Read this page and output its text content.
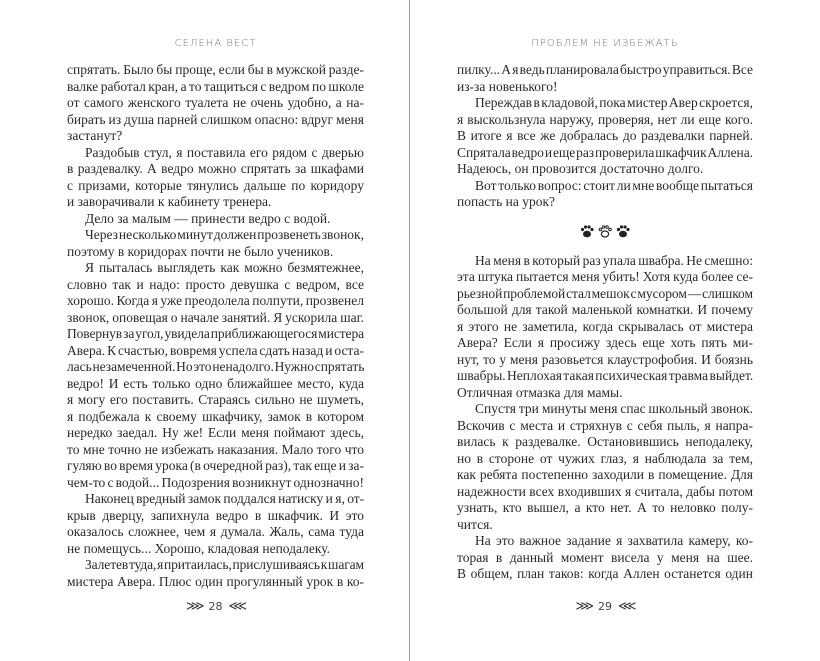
СЕЛЕНА ВЕСТ
спрятать. Было бы проще, если бы в мужской разде-
валке работал кран, а то тащиться с ведром по школе
от самого женского туалета не очень удобно, а на-
бирать из душа парней слишком опасно: вдруг меня
застанут?
Раздобыв стул, я поставила его рядом с дверью
в раздевалку. А ведро можно спрятать за шкафами
с призами, которые тянулись дальше по коридору
и заворачивали к кабинету тренера.
Дело за малым — принести ведро с водой.
Через несколько минут должен прозвенеть звонок,
поэтому в коридорах почти не было учеников.
Я пыталась выглядеть как можно безмятежнее,
словно так и надо: просто девушка с ведром, все
хорошо. Когда я уже преодолела полпути, прозвенел
звонок, оповещая о начале занятий. Я ускорила шаг.
Повернув за угол, увидела приближающегося мистера
Авера. К счастью, вовремя успела сдать назад и оста-
лась незамеченной. Но это ненадолго. Нужно спрятать
ведро! И есть только одно ближайшее место, куда
я могу его поставить. Стараясь сильно не шуметь,
я подбежала к своему шкафчику, замок в котором
нередко заедал. Ну же! Если меня поймают здесь,
то мне точно не избежать наказания. Мало того что
гуляю во время урока (в очередной раз), так еще и за-
чем-то с водой... Подозрения возникнут однозначно!
Наконец вредный замок поддался натиску и я, от-
крыв дверцу, запихнула ведро в шкафчик. И это
оказалось сложнее, чем я думала. Жаль, сама туда
не помещусь... Хорошо, кладовая неподалеку.
Залетев туда, я притаилась, прислушиваясь к шагам
мистера Авера. Плюс один прогулянный урок в ко-
⋙ 28 ⋘
ПРОБЛЕМ НЕ ИЗБЕЖАТЬ
пилку... А я ведь планировала быстро управиться. Все
из-за новенького!
Переждав в кладовой, пока мистер Авер скроется,
я выскользнула наружу, проверяя, нет ли еще кого.
В итоге я все же добралась до раздевалки парней.
Спрятала ведро и еще раз проверила шкафчик Аллена.
Надеюсь, он провозится достаточно долго.
Вот только вопрос: стоит ли мне вообще пытаться
попасть на урок?
На меня в который раз упала швабра. Не смешно:
эта штука пытается меня убить! Хотя куда более се-
рьезной проблемой стал мешок с мусором — слишком
большой для такой маленькой комнатки. И почему
я этого не заметила, когда скрывалась от мистера
Авера? Если я просижу здесь еще хоть пять ми-
нут, то у меня разовьется клаустрофобия. И боязнь
швабры. Неплохая такая психическая травма выйдет.
Отличная отмазка для мамы.
Спустя три минуты меня спас школьный звонок.
Вскочив с места и стряхнув с себя пыль, я напра-
вилась к раздевалке. Остановившись неподалеку,
но в стороне от чужих глаз, я наблюдала за тем,
как ребята постепенно заходили в помещение. Для
надежности всех входивших я считала, дабы потом
узнать, кто вышел, а кто нет. А то неловко полу-
чится.
На это важное задание я захватила камеру, ко-
торая в данный момент висела у меня на шее.
В общем, план таков: когда Аллен останется один
⋙ 29 ⋘
